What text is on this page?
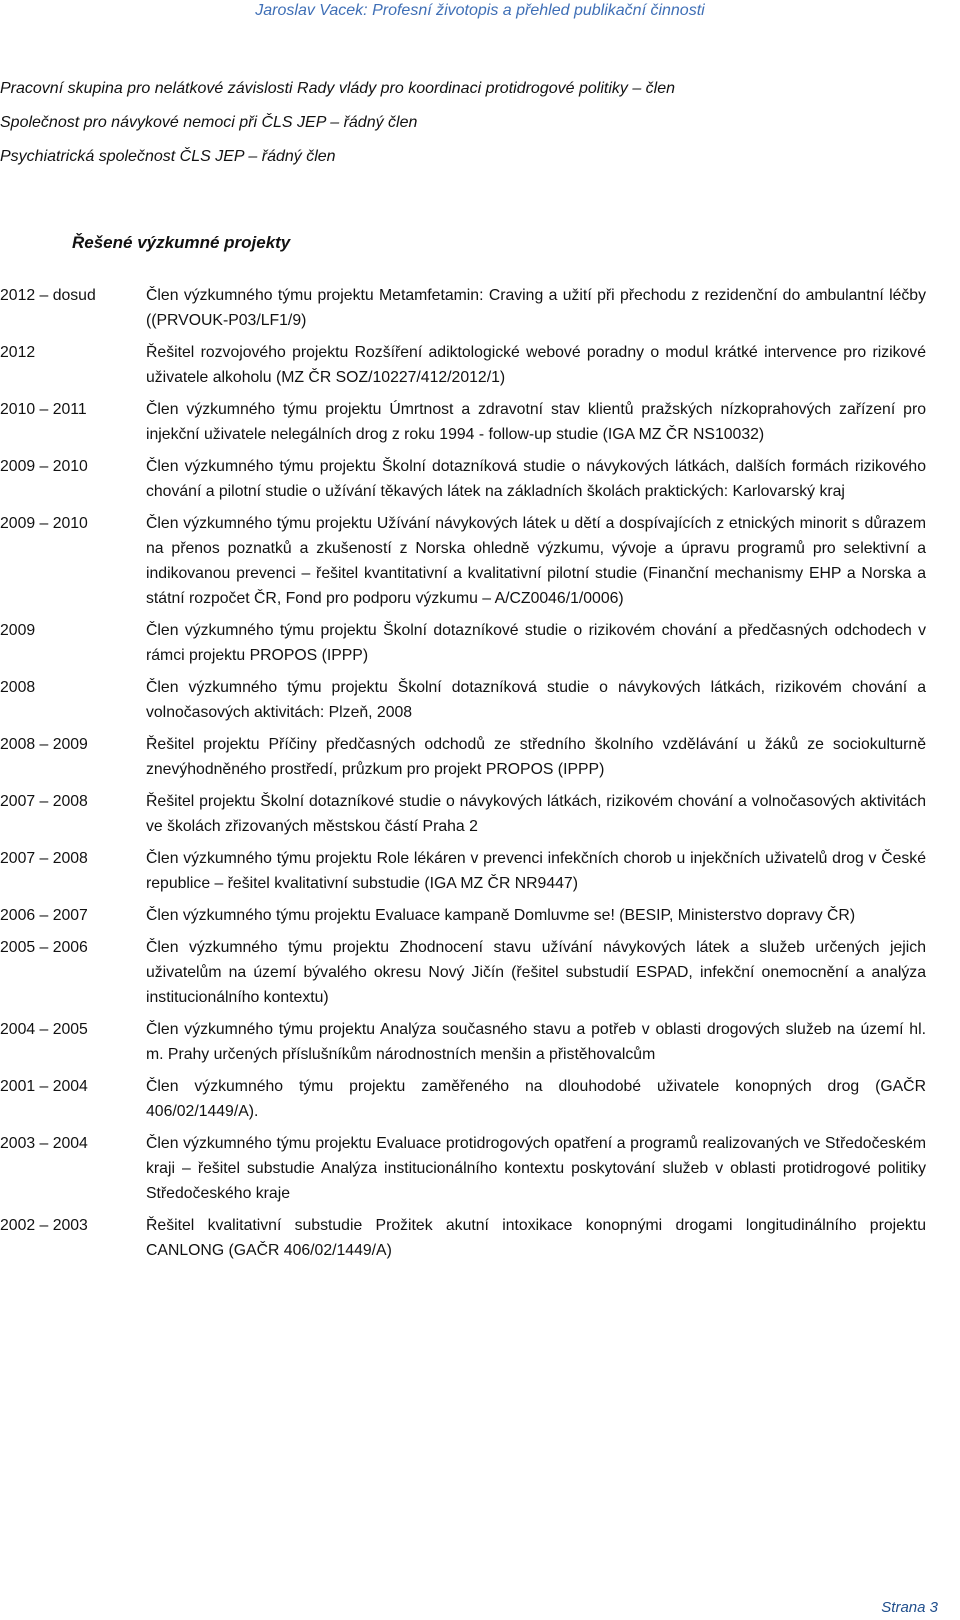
Jaroslav Vacek: Profesní životopis a přehled publikační činnosti
Pracovní skupina pro nelátkové závislosti Rady vlády pro koordinaci protidrogové politiky – člen
Společnost pro návykové nemoci při ČLS JEP – řádný člen
Psychiatrická společnost ČLS JEP – řádný člen
Řešené výzkumné projekty
2012 – dosud	Člen výzkumného týmu projektu Metamfetamin: Craving a užití při přechodu z rezidenční do ambulantní léčby ((PRVOUK-P03/LF1/9)
2012	Řešitel rozvojového projektu Rozšíření adiktologické webové poradny o modul krátké intervence pro rizikové uživatele alkoholu (MZ ČR SOZ/10227/412/2012/1)
2010 – 2011	Člen výzkumného týmu projektu Úmrtnost a zdravotní stav klientů pražských nízkoprahových zařízení pro injekční uživatele nelegálních drog z roku 1994 - follow-up studie (IGA MZ ČR NS10032)
2009 – 2010	Člen výzkumného týmu projektu Školní dotazníková studie o návykových látkách, dalších formách rizikového chování a pilotní studie o užívání těkavých látek na základních školách praktických: Karlovarský kraj
2009 – 2010	Člen výzkumného týmu projektu Užívání návykových látek u dětí a dospívajících z etnických minorit s důrazem na přenos poznatků a zkušeností z Norska ohledně výzkumu, vývoje a úpravu programů pro selektivní a indikovanou prevenci – řešitel kvantitativní a kvalitativní pilotní studie (Finanční mechanismy EHP a Norska a státní rozpočet ČR, Fond pro podporu výzkumu – A/CZ0046/1/0006)
2009	Člen výzkumného týmu projektu Školní dotazníkové studie o rizikovém chování a předčasných odchodech v rámci projektu PROPOS (IPPP)
2008	Člen výzkumného týmu projektu Školní dotazníková studie o návykových látkách, rizikovém chování a volnočasových aktivitách: Plzeň, 2008
2008 – 2009	Řešitel projektu Příčiny předčasných odchodů ze středního školního vzdělávání u žáků ze sociokulturně znevýhodněného prostředí, průzkum pro projekt PROPOS (IPPP)
2007 – 2008	Řešitel projektu Školní dotazníkové studie o návykových látkách, rizikovém chování a volnočasových aktivitách ve školách zřizovaných městskou částí Praha 2
2007 – 2008	Člen výzkumného týmu projektu Role lékáren v prevenci infekčních chorob u injekčních uživatelů drog v České republice – řešitel kvalitativní substudie (IGA MZ ČR NR9447)
2006 – 2007	Člen výzkumného týmu projektu Evaluace kampaně Domluvme se! (BESIP, Ministerstvo dopravy ČR)
2005 – 2006	Člen výzkumného týmu projektu Zhodnocení stavu užívání návykových látek a služeb určených jejich uživatelům na území bývalého okresu Nový Jičín (řešitel substudií ESPAD, infekční onemocnění a analýza institucionálního kontextu)
2004 – 2005	Člen výzkumného týmu projektu Analýza současného stavu a potřeb v oblasti drogových služeb na území hl. m. Prahy určených příslušníkům národnostních menšin a přistěhovalcům
2001 – 2004	Člen výzkumného týmu projektu zaměřeného na dlouhodobé uživatele konopných drog (GAČR 406/02/1449/A).
2003 – 2004	Člen výzkumného týmu projektu Evaluace protidrogových opatření a programů realizovaných ve Středočeském kraji – řešitel substudie Analýza institucionálního kontextu poskytování služeb v oblasti protidrogové politiky Středočeského kraje
2002 – 2003	Řešitel kvalitativní substudie Prožitek akutní intoxikace konopnými drogami longitudinálního projektu CANLONG (GAČR 406/02/1449/A)
Strana 3
